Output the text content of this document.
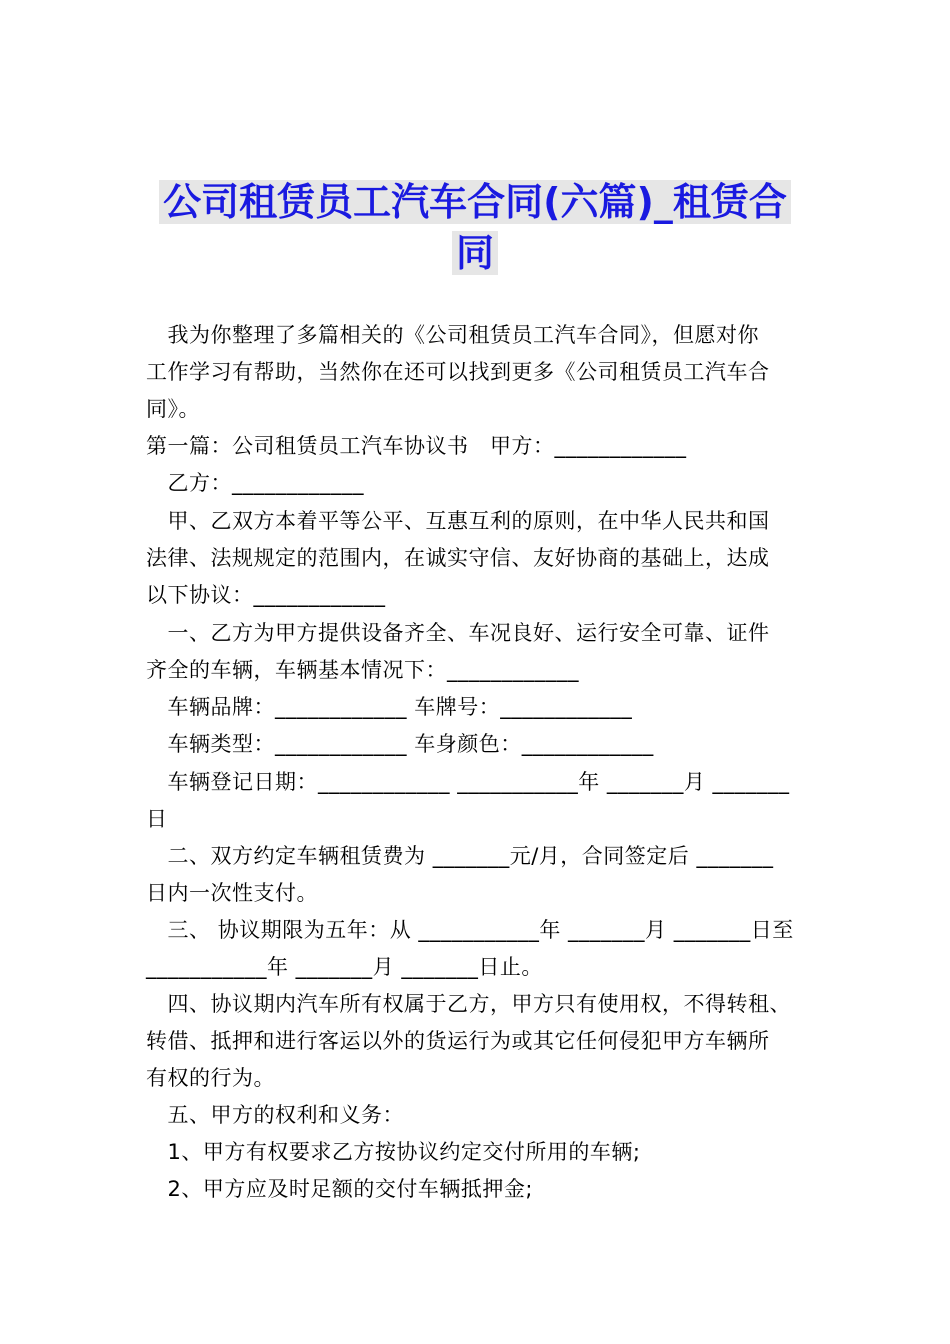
公司租赁员工汽车合同(六篇)_租赁合
同
我为你整理了多篇相关的《公司租赁员工汽车合同》，但愿对你
工作学习有帮助，当然你在还可以找到更多《公司租赁员工汽车合
同》。
第一篇：公司租赁员工汽车协议书　甲方：____________
乙方：____________
甲、乙双方本着平等公平、互惠互利的原则，在中华人民共和国
法律、法规规定的范围内，在诚实守信、友好协商的基础上，达成
以下协议：____________
一、乙方为甲方提供设备齐全、车况良好、运行安全可靠、证件
齐全的车辆，车辆基本情况下：____________
车辆品牌：____________ 车牌号：____________
车辆类型：____________ 车身颜色：____________
车辆登记日期：____________ ___________年 _______月 _______
日
二、双方约定车辆租赁费为 _______元/月，合同签定后 _______
日内一次性支付。
三、 协议期限为五年：从 ___________年 _______月 _______日至
___________年 _______月 _______日止。
四、协议期内汽车所有权属于乙方，甲方只有使用权，不得转租、
转借、抵押和进行客运以外的货运行为或其它任何侵犯甲方车辆所
有权的行为。
五、甲方的权利和义务：
1、甲方有权要求乙方按协议约定交付所用的车辆;
2、甲方应及时足额的交付车辆抵押金;
